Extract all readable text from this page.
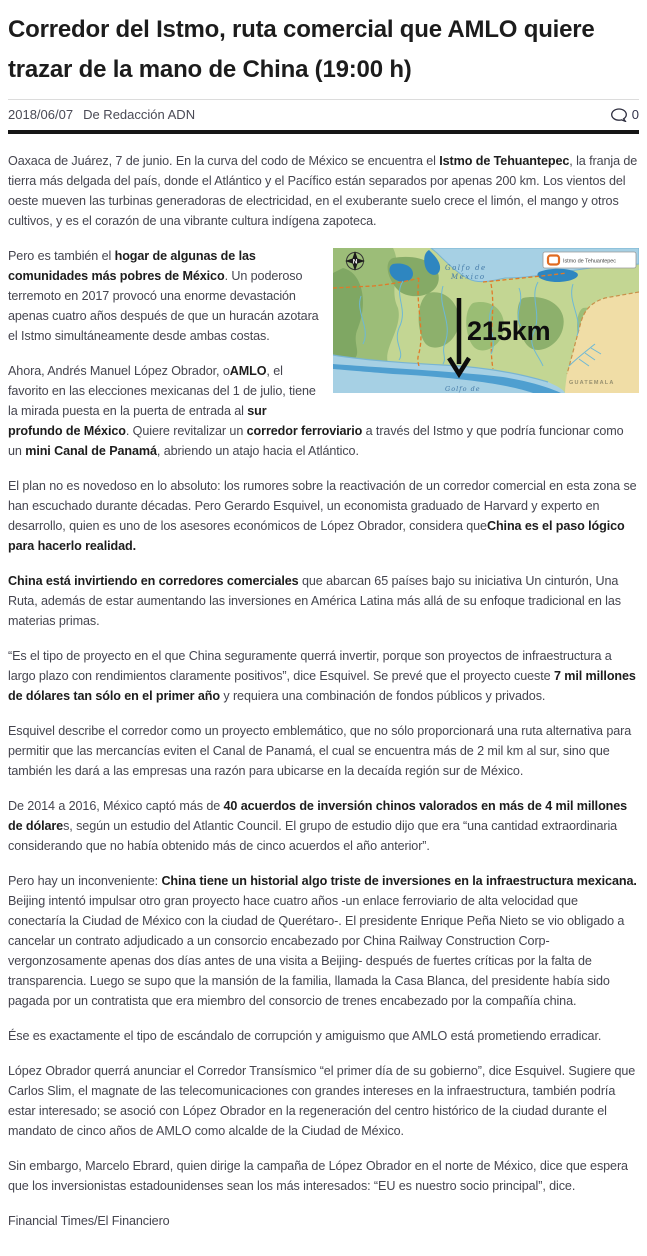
Corredor del Istmo, ruta comercial que AMLO quiere trazar de la mano de China (19:00 h)
2018/06/07 De Redacción ADN	0

Oaxaca de Juárez, 7 de junio. En la curva del codo de México se encuentra el Istmo de Tehuantepec, la franja de tierra más delgada del país, donde el Atlántico y el Pacífico están separados por apenas 200 km. Los vientos del oeste mueven las turbinas generadoras de electricidad, en el exuberante suelo crece el limón, el mango y otros cultivos, y es el corazón de una vibrante cultura indígena zapoteca.

N	Istmo de Tehuantepec
215km
Golfo de
México
Golfo de
GUATEMALA

Pero es también el hogar de algunas de las comunidades más pobres de México. Un poderoso terremoto en 2017 provocó una enorme devastación apenas cuatro años después de que un huracán azotara el Istmo simultáneamente desde ambas costas.

Ahora, Andrés Manuel López Obrador, oAMLO, el favorito en las elecciones mexicanas del 1 de julio, tiene la mirada puesta en la puerta de entrada al sur profundo de México. Quiere revitalizar un corredor ferroviario a través del Istmo y que podría funcionar como un mini Canal de Panamá, abriendo un atajo hacia el Atlántico.

El plan no es novedoso en lo absoluto: los rumores sobre la reactivación de un corredor comercial en esta zona se han escuchado durante décadas. Pero Gerardo Esquivel, un economista graduado de Harvard y experto en desarrollo, quien es uno de los asesores económicos de López Obrador, considera queChina es el paso lógico para hacerlo realidad.

China está invirtiendo en corredores comerciales que abarcan 65 países bajo su iniciativa Un cinturón, Una Ruta, además de estar aumentando las inversiones en América Latina más allá de su enfoque tradicional en las materias primas.

“Es el tipo de proyecto en el que China seguramente querrá invertir, porque son proyectos de infraestructura a largo plazo con rendimientos claramente positivos”, dice Esquivel. Se prevé que el proyecto cueste 7 mil millones de dólares tan sólo en el primer año y requiera una combinación de fondos públicos y privados.

Esquivel describe el corredor como un proyecto emblemático, que no sólo proporcionará una ruta alternativa para permitir que las mercancías eviten el Canal de Panamá, el cual se encuentra más de 2 mil km al sur, sino que también les dará a las empresas una razón para ubicarse en la decaída región sur de México.

De 2014 a 2016, México captó más de 40 acuerdos de inversión chinos valorados en más de 4 mil millones de dólares, según un estudio del Atlantic Council. El grupo de estudio dijo que era “una cantidad extraordinaria considerando que no había obtenido más de cinco acuerdos el año anterior”.

Pero hay un inconveniente: China tiene un historial algo triste de inversiones en la infraestructura mexicana. Beijing intentó impulsar otro gran proyecto hace cuatro años -un enlace ferroviario de alta velocidad que conectaría la Ciudad de México con la ciudad de Querétaro-. El presidente Enrique Peña Nieto se vio obligado a cancelar un contrato adjudicado a un consorcio encabezado por China Railway Construction Corp- vergonzosamente apenas dos días antes de una visita a Beijing- después de fuertes críticas por la falta de transparencia. Luego se supo que la mansión de la familia, llamada la Casa Blanca, del presidente había sido pagada por un contratista que era miembro del consorcio de trenes encabezado por la compañía china.

Ése es exactamente el tipo de escándalo de corrupción y amiguismo que AMLO está prometiendo erradicar.

López Obrador querrá anunciar el Corredor Transísmico “el primer día de su gobierno”, dice Esquivel. Sugiere que Carlos Slim, el magnate de las telecomunicaciones con grandes intereses en la infraestructura, también podría estar interesado; se asoció con López Obrador en la regeneración del centro histórico de la ciudad durante el mandato de cinco años de AMLO como alcalde de la Ciudad de México.

Sin embargo, Marcelo Ebrard, quien dirige la campaña de López Obrador en el norte de México, dice que espera que los inversionistas estadounidenses sean los más interesados: “EU es nuestro socio principal”, dice.

Financial Times/El Financiero
